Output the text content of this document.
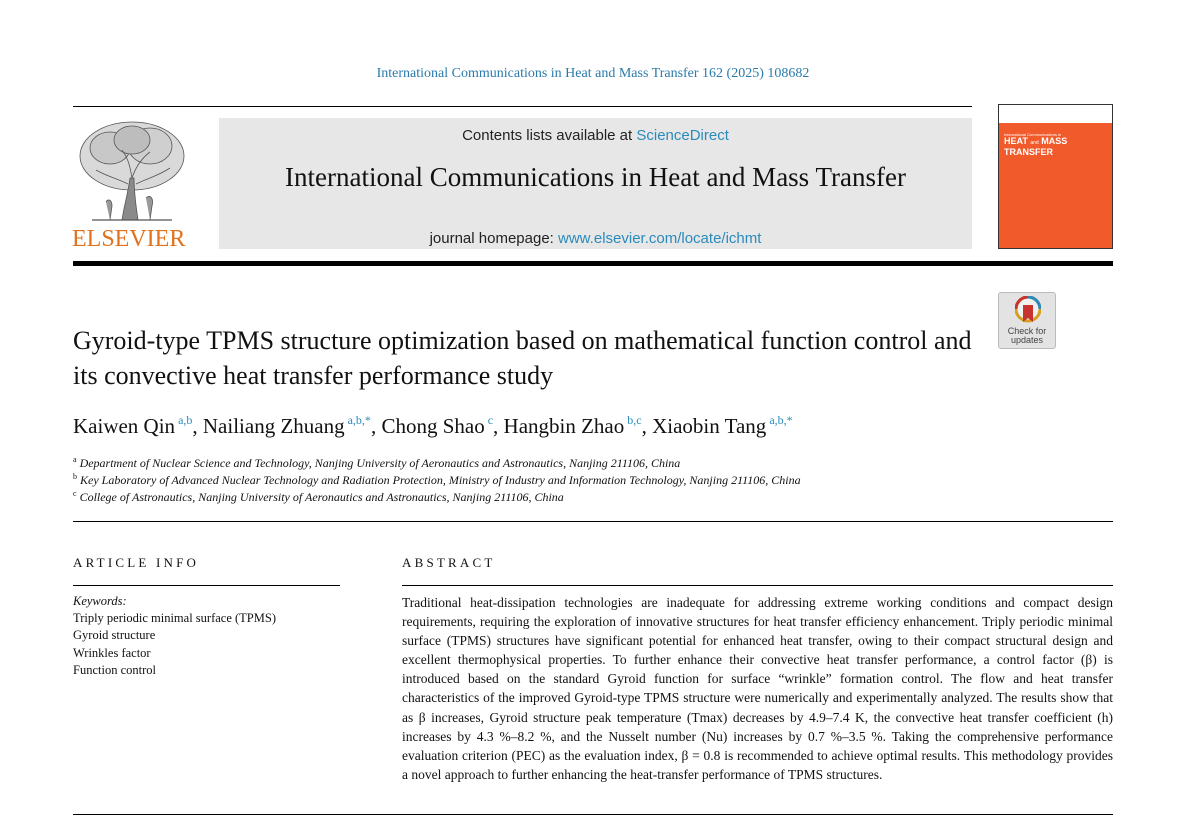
International Communications in Heat and Mass Transfer 162 (2025) 108682
ELSEVIER
Contents lists available at ScienceDirect
International Communications in Heat and Mass Transfer
journal homepage: www.elsevier.com/locate/ichmt
International Communications in
HEAT and MASS
TRANSFER
Check for
updates
Gyroid-type TPMS structure optimization based on mathematical function control and its convective heat transfer performance study
Kaiwen Qin $^{a,b}$, Nailiang Zhuang $^{a,b,*}$, Chong Shao $^c$, Hangbin Zhao $^{b,c}$, Xiaobin Tang $^{a,b,*}$
$^a$ Department of Nuclear Science and Technology, Nanjing University of Aeronautics and Astronautics, Nanjing 211106, China
$^b$ Key Laboratory of Advanced Nuclear Technology and Radiation Protection, Ministry of Industry and Information Technology, Nanjing 211106, China
$^c$ College of Astronautics, Nanjing University of Aeronautics and Astronautics, Nanjing 211106, China
ARTICLE INFO	ABSTRACT
Keywords:
Triply periodic minimal surface (TPMS)
Gyroid structure
Wrinkles factor
Function control
Traditional heat-dissipation technologies are inadequate for addressing extreme working conditions and compact design requirements, requiring the exploration of innovative structures for heat transfer efficiency enhancement. Triply periodic minimal surface (TPMS) structures have significant potential for enhanced heat transfer, owing to their compact structural design and excellent thermophysical properties. To further enhance their convective heat transfer performance, a control factor (β) is introduced based on the standard Gyroid function for surface “wrinkle” formation control. The flow and heat transfer characteristics of the improved Gyroid-type TPMS structure were numerically and experimentally analyzed. The results show that as β increases, Gyroid structure peak temperature (Tmax) decreases by 4.9–7.4 K, the convective heat transfer coefficient (h) increases by 4.3 %–8.2 %, and the Nusselt number (Nu) increases by 0.7 %–3.5 %. Taking the comprehensive performance evaluation criterion (PEC) as the evaluation index, β = 0.8 is recommended to achieve optimal results. This methodology provides a novel approach to further enhancing the heat-transfer performance of TPMS structures.
